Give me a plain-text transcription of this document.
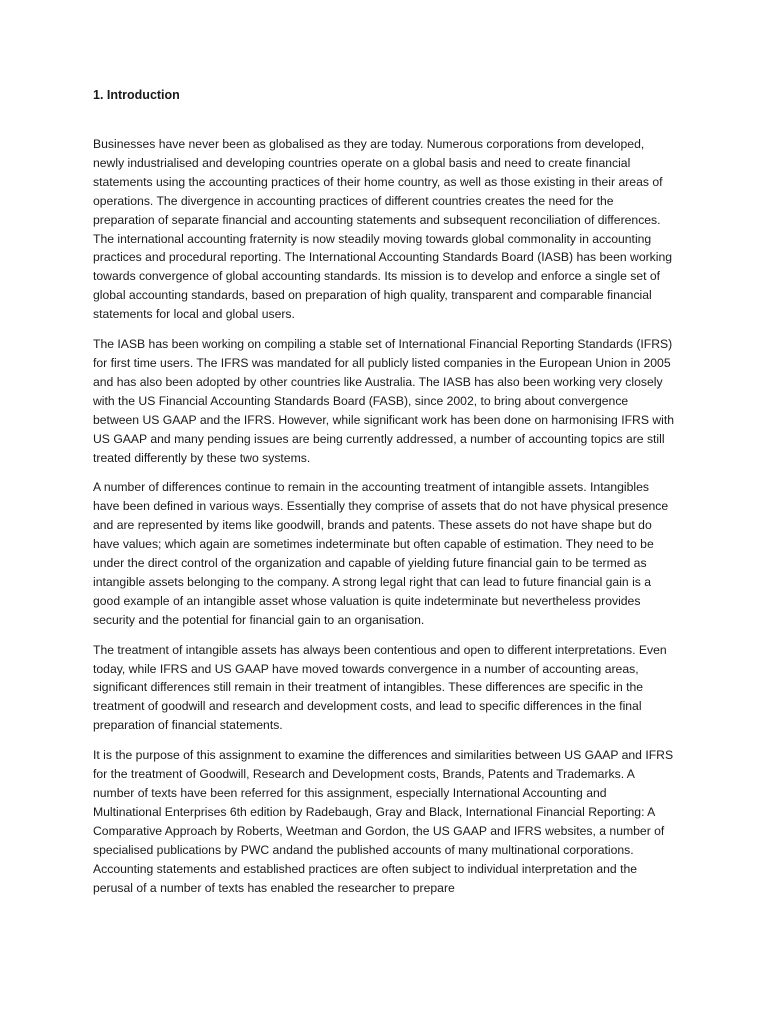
1. Introduction

Businesses have never been as globalised as they are today. Numerous corporations from developed, newly industrialised and developing countries operate on a global basis and need to create financial statements using the accounting practices of their home country, as well as those existing in their areas of operations. The divergence in accounting practices of different countries creates the need for the preparation of separate financial and accounting statements and subsequent reconciliation of differences. The international accounting fraternity is now steadily moving towards global commonality in accounting practices and procedural reporting. The International Accounting Standards Board (IASB) has been working towards convergence of global accounting standards. Its mission is to develop and enforce a single set of global accounting standards, based on preparation of high quality, transparent and comparable financial statements for local and global users.

The IASB has been working on compiling a stable set of International Financial Reporting Standards (IFRS) for first time users. The IFRS was mandated for all publicly listed companies in the European Union in 2005 and has also been adopted by other countries like Australia. The IASB has also been working very closely with the US Financial Accounting Standards Board (FASB), since 2002, to bring about convergence between US GAAP and the IFRS. However, while significant work has been done on harmonising IFRS with US GAAP and many pending issues are being currently addressed, a number of accounting topics are still treated differently by these two systems.

A number of differences continue to remain in the accounting treatment of intangible assets. Intangibles have been defined in various ways. Essentially they comprise of assets that do not have physical presence and are represented by items like goodwill, brands and patents. These assets do not have shape but do have values; which again are sometimes indeterminate but often capable of estimation. They need to be under the direct control of the organization and capable of yielding future financial gain to be termed as intangible assets belonging to the company. A strong legal right that can lead to future financial gain is a good example of an intangible asset whose valuation is quite indeterminate but nevertheless provides security and the potential for financial gain to an organisation.

The treatment of intangible assets has always been contentious and open to different interpretations. Even today, while IFRS and US GAAP have moved towards convergence in a number of accounting areas, significant differences still remain in their treatment of intangibles. These differences are specific in the treatment of goodwill and research and development costs, and lead to specific differences in the final preparation of financial statements.

It is the purpose of this assignment to examine the differences and similarities between US GAAP and IFRS for the treatment of Goodwill, Research and Development costs, Brands, Patents and Trademarks. A number of texts have been referred for this assignment, especially International Accounting and Multinational Enterprises 6th edition by Radebaugh, Gray and Black, International Financial Reporting: A Comparative Approach by Roberts, Weetman and Gordon, the US GAAP and IFRS websites, a number of specialised publications by PWC andand the published accounts of many multinational corporations. Accounting statements and established practices are often subject to individual interpretation and the perusal of a number of texts has enabled the researcher to prepare
